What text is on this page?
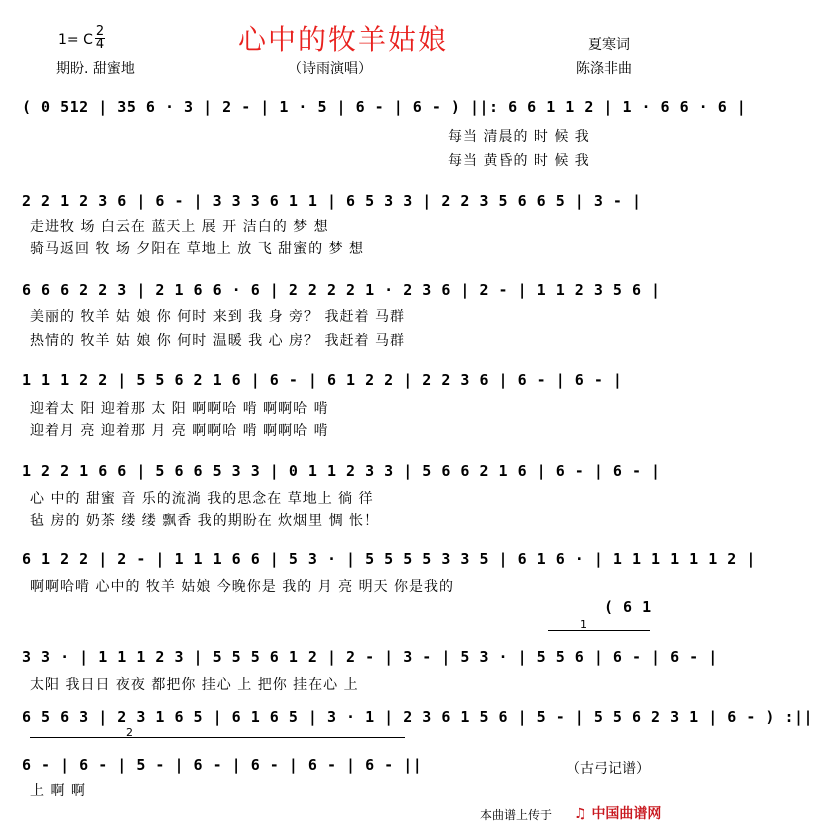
心中的牧羊姑娘
1= C
2
4	夏寒词
期盼. 甜蜜地	（诗雨演唱）	陈涤非曲
( 0 512 | 35 6 · 3 | 2 - | 1 · 5 | 6 - | 6 - ) ||: 6 6 1 1 2 | 1 · 6 6 · 6 |
每当 清晨的 时 候 我
每当 黄昏的 时 候 我
2 2 1 2 3 6 | 6 - | 3 3 3 6 1 1 | 6 5 3 3 | 2 2 3 5 6 6 5 | 3 - |
走进牧 场 白云在 蓝天上 展 开 洁白的 梦 想
骑马返回 牧 场 夕阳在 草地上 放 飞 甜蜜的 梦 想
6 6 6 2 2 3 | 2 1 6 6 · 6 | 2 2 2 2 1 · 2 3 6 | 2 - | 1 1 2 3 5 6 |
美丽的 牧羊 姑 娘 你 何时 来到 我 身 旁？ 我赶着 马群
热情的 牧羊 姑 娘 你 何时 温暖 我 心 房？ 我赶着 马群
1 1 1 2 2 | 5 5 6 2 1 6 | 6 - | 6 1 2 2 | 2 2 3 6 | 6 - | 6 - |
迎着太 阳 迎着那 太 阳 啊啊哈 啃 啊啊哈 啃
迎着月 亮 迎着那 月 亮 啊啊哈 啃 啊啊哈 啃
1 2 2 1 6 6 | 5 6 6 5 3 3 | 0 1 1 2 3 3 | 5 6 6 2 1 6 | 6 - | 6 - |
心 中的 甜蜜 音 乐的流淌 我的思念在 草地上 徜 徉
毡 房的 奶茶 缕 缕 飘香 我的期盼在 炊烟里 惆 怅！
6 1 2 2 | 2 - | 1 1 1 6 6 | 5 3 · | 5 5 5 5 3 3 5 | 6 1 6 · | 1 1 1 1 1 1 2 |
啊啊哈啃 心中的 牧羊 姑娘 今晚你是 我的 月 亮 明天 你是我的
( 6 1
1
3 3 · | 1 1 1 2 3 | 5 5 5 6 1 2 | 2 - | 3 - | 5 3 · | 5 5 6 | 6 - | 6 - |
太阳 我日日 夜夜 都把你 挂心 上 把你 挂在心 上
6 5 6 3 | 2 3 1 6 5 | 6 1 6 5 | 3 · 1 | 2 3 6 1 5 6 | 5 - | 5 5 6 2 3 1 | 6 - ) :||
2
6 - | 6 - | 5 - | 6 - | 6 - | 6 - | 6 - ||
上 啊 啊
（古弓记谱）
本曲谱上传于 ♫ 中国曲谱网
